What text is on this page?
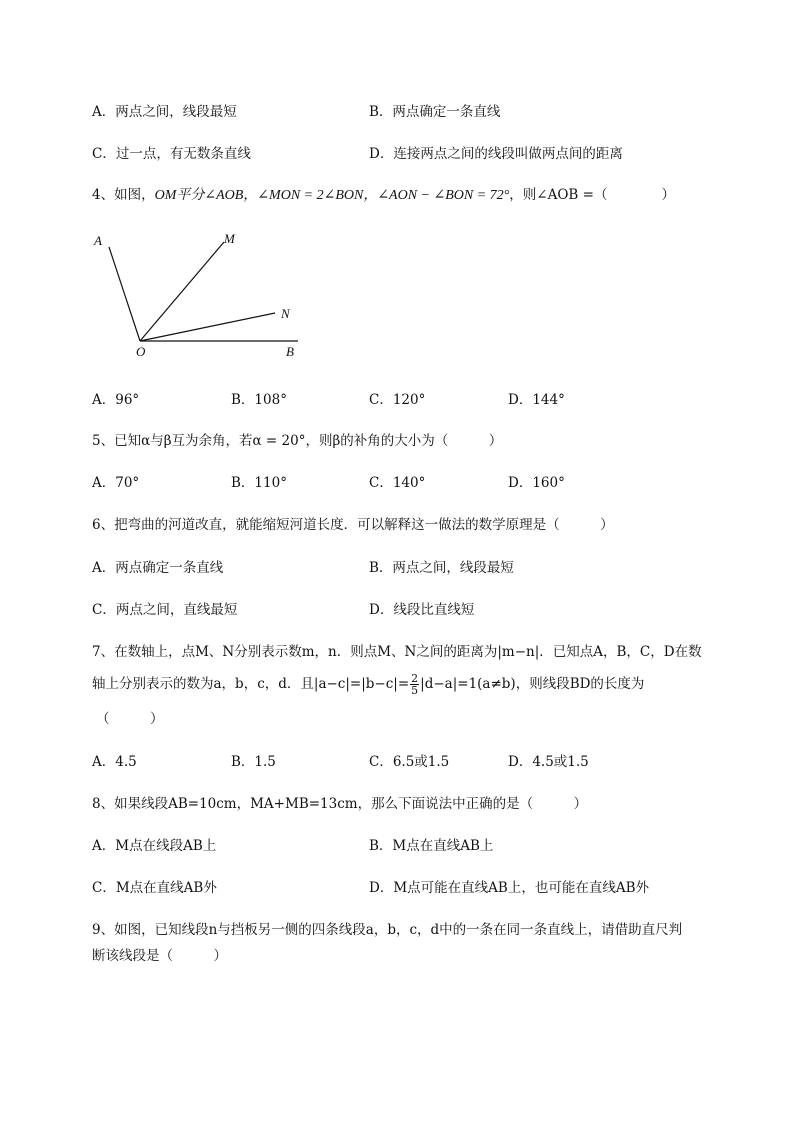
A．两点之间，线段最短	B．两点确定一条直线
C．过一点，有无数条直线	D．连接两点之间的线段叫做两点间的距离
4、如图，OM平分∠AOB，∠MON = 2∠BON，∠AON − ∠BON = 72°，则∠AOB =（　　　　）
A	M
N
O	B
A．96°	B．108°	C．120°	D．144°
5、已知α与β互为余角，若α = 20°，则β的补角的大小为（　　　）
A．70°	B．110°	C．140°	D．160°
6、把弯曲的河道改直，就能缩短河道长度．可以解释这一做法的数学原理是（　　　）
A．两点确定一条直线	B．两点之间，线段最短
C．两点之间，直线最短	D．线段比直线短
7、在数轴上，点M、N分别表示数m，n．则点M、N之间的距离为|m−n|．已知点A，B，C，D在数
轴上分别表示的数为a，b，c，d．且$|a-c|=|b-c|= \frac{2}{5} |d-a|=1(a\ne b)$，则线段BD的长度为
（　　　）
A．4.5	B．1.5	C．6.5或1.5	D．4.5或1.5
8、如果线段AB=10cm，MA+MB=13cm，那么下面说法中正确的是（　　　）
A．M点在线段AB上	B．M点在直线AB上
C．M点在直线AB外	D．M点可能在直线AB上，也可能在直线AB外
9、如图，已知线段n与挡板另一侧的四条线段a，b，c，d中的一条在同一条直线上，请借助直尺判
断该线段是（　　　）
